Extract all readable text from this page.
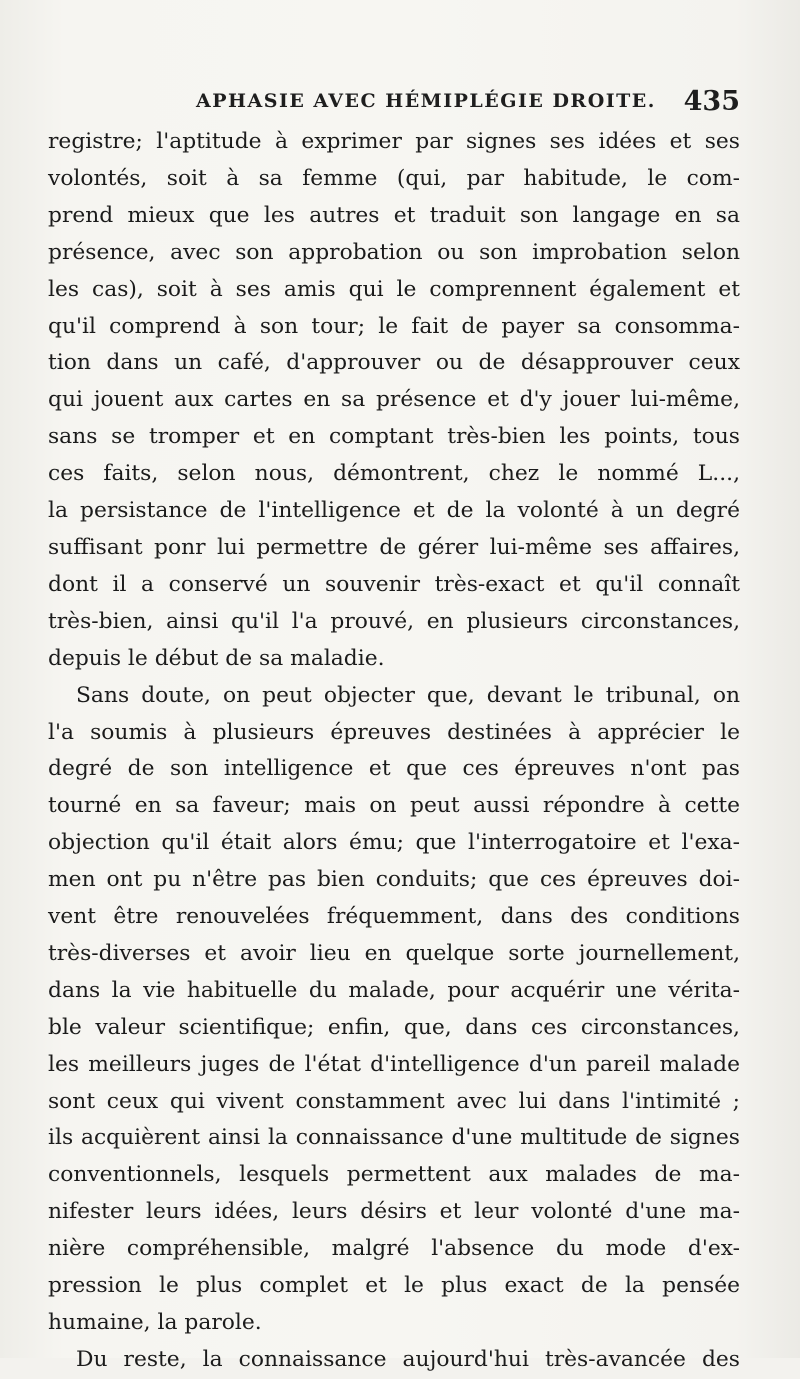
APHASIE AVEC HÉMIPLÉGIE DROITE. 435

registre; l'aptitude à exprimer par signes ses idées et ses

volontés, soit à sa femme (qui, par habitude, le com-

prend mieux que les autres et traduit son langage en sa

présence, avec son approbation ou son improbation selon

les cas), soit à ses amis qui le comprennent également et

qu'il comprend à son tour; le fait de payer sa consomma-

tion dans un café, d'approuver ou de désapprouver ceux

qui jouent aux cartes en sa présence et d'y jouer lui-même,

sans se tromper et en comptant très-bien les points, tous

ces faits, selon nous, démontrent, chez le nommé L...,

la persistance de l'intelligence et de la volonté à un degré

suffisant ponr lui permettre de gérer lui-même ses affaires,

dont il a conservé un souvenir très-exact et qu'il connaît

très-bien, ainsi qu'il l'a prouvé, en plusieurs circonstances,

depuis le début de sa maladie.

Sans doute, on peut objecter que, devant le tribunal, on

l'a soumis à plusieurs épreuves destinées à apprécier le

degré de son intelligence et que ces épreuves n'ont pas

tourné en sa faveur; mais on peut aussi répondre à cette

objection qu'il était alors ému; que l'interrogatoire et l'exa-

men ont pu n'être pas bien conduits; que ces épreuves doi-

vent être renouvelées fréquemment, dans des conditions

très-diverses et avoir lieu en quelque sorte journellement,

dans la vie habituelle du malade, pour acquérir une vérita-

ble valeur scientifique; enfin, que, dans ces circonstances,

les meilleurs juges de l'état d'intelligence d'un pareil malade

sont ceux qui vivent constamment avec lui dans l'intimité ;

ils acquièrent ainsi la connaissance d'une multitude de signes

conventionnels, lesquels permettent aux malades de ma-

nifester leurs idées, leurs désirs et leur volonté d'une ma-

nière compréhensible, malgré l'absence du mode d'ex-

pression le plus complet et le plus exact de la pensée

humaine, la parole.

Du reste, la connaissance aujourd'hui très-avancée des
